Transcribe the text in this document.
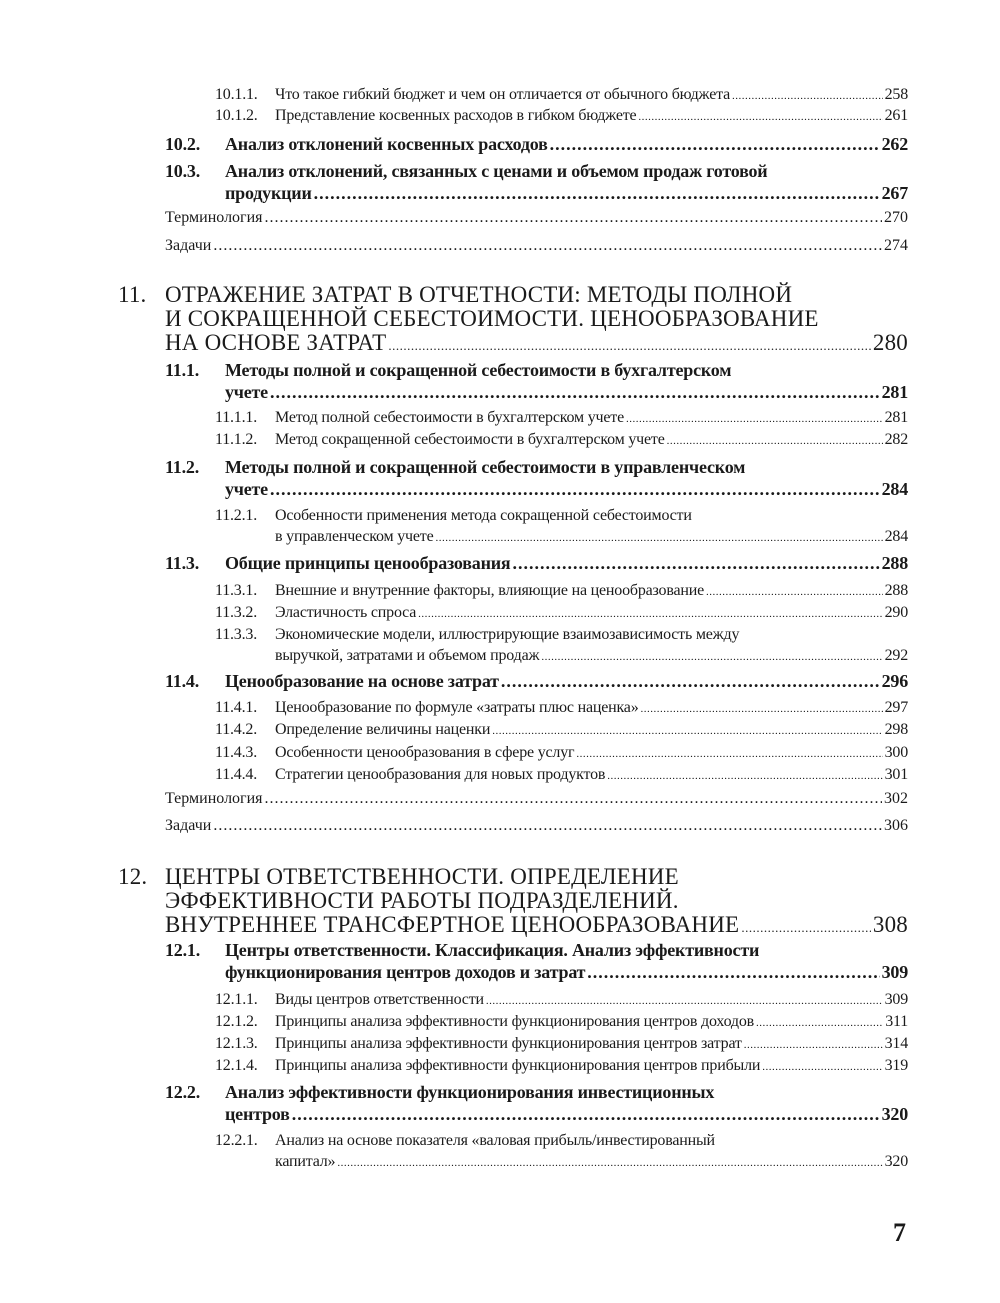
10.1.1. Что такое гибкий бюджет и чем он отличается от обычного бюджета .....	258
10.1.2. Представление косвенных расходов в гибком бюджете .....	261
10.2. Анализ отклонений косвенных расходов .....	262
10.3. Анализ отклонений, связанных с ценами и объемом продаж готовой
продукции .....	267
Терминология .....	270
Задачи .....	274
11. ОТРАЖЕНИЕ ЗАТРАТ В ОТЧЕТНОСТИ: МЕТОДЫ ПОЛНОЙ
И СОКРАЩЕННОЙ СЕБЕСТОИМОСТИ. ЦЕНООБРАЗОВАНИЕ
НА ОСНОВЕ ЗАТРАТ .....	280
11.1. Методы полной и сокращенной себестоимости в бухгалтерском
учете .....	281
11.1.1. Метод полной себестоимости в бухгалтерском учете .....	281
11.1.2. Метод сокращенной себестоимости в бухгалтерском учете .....	282
11.2. Методы полной и сокращенной себестоимости в управленческом
учете .....	284
11.2.1. Особенности применения метода сокращенной себестоимости
в управленческом учете .....	284
11.3. Общие принципы ценообразования .....	288
11.3.1. Внешние и внутренние факторы, влияющие на ценообразование .....	288
11.3.2. Эластичность спроса .....	290
11.3.3. Экономические модели, иллюстрирующие взаимозависимость между
выручкой, затратами и объемом продаж .....	292
11.4. Ценообразование на основе затрат .....	296
11.4.1. Ценообразование по формуле «затраты плюс наценка» .....	297
11.4.2. Определение величины наценки .....	298
11.4.3. Особенности ценообразования в сфере услуг .....	300
11.4.4. Стратегии ценообразования для новых продуктов .....	301
Терминология .....	302
Задачи .....	306
12. ЦЕНТРЫ ОТВЕТСТВЕННОСТИ. ОПРЕДЕЛЕНИЕ
ЭФФЕКТИВНОСТИ РАБОТЫ ПОДРАЗДЕЛЕНИЙ.
ВНУТРЕННЕЕ ТРАНСФЕРТНОЕ ЦЕНООБРАЗОВАНИЕ .....	308
12.1. Центры ответственности. Классификация. Анализ эффективности
функционирования центров доходов и затрат .....	309
12.1.1. Виды центров ответственности .....	309
12.1.2. Принципы анализа эффективности функционирования центров доходов .....	311
12.1.3. Принципы анализа эффективности функционирования центров затрат .....	314
12.1.4. Принципы анализа эффективности функционирования центров прибыли .....	319
12.2. Анализ эффективности функционирования инвестиционных
центров .....	320
12.2.1. Анализ на основе показателя «валовая прибыль/инвестированный
капитал» .....	320
7
